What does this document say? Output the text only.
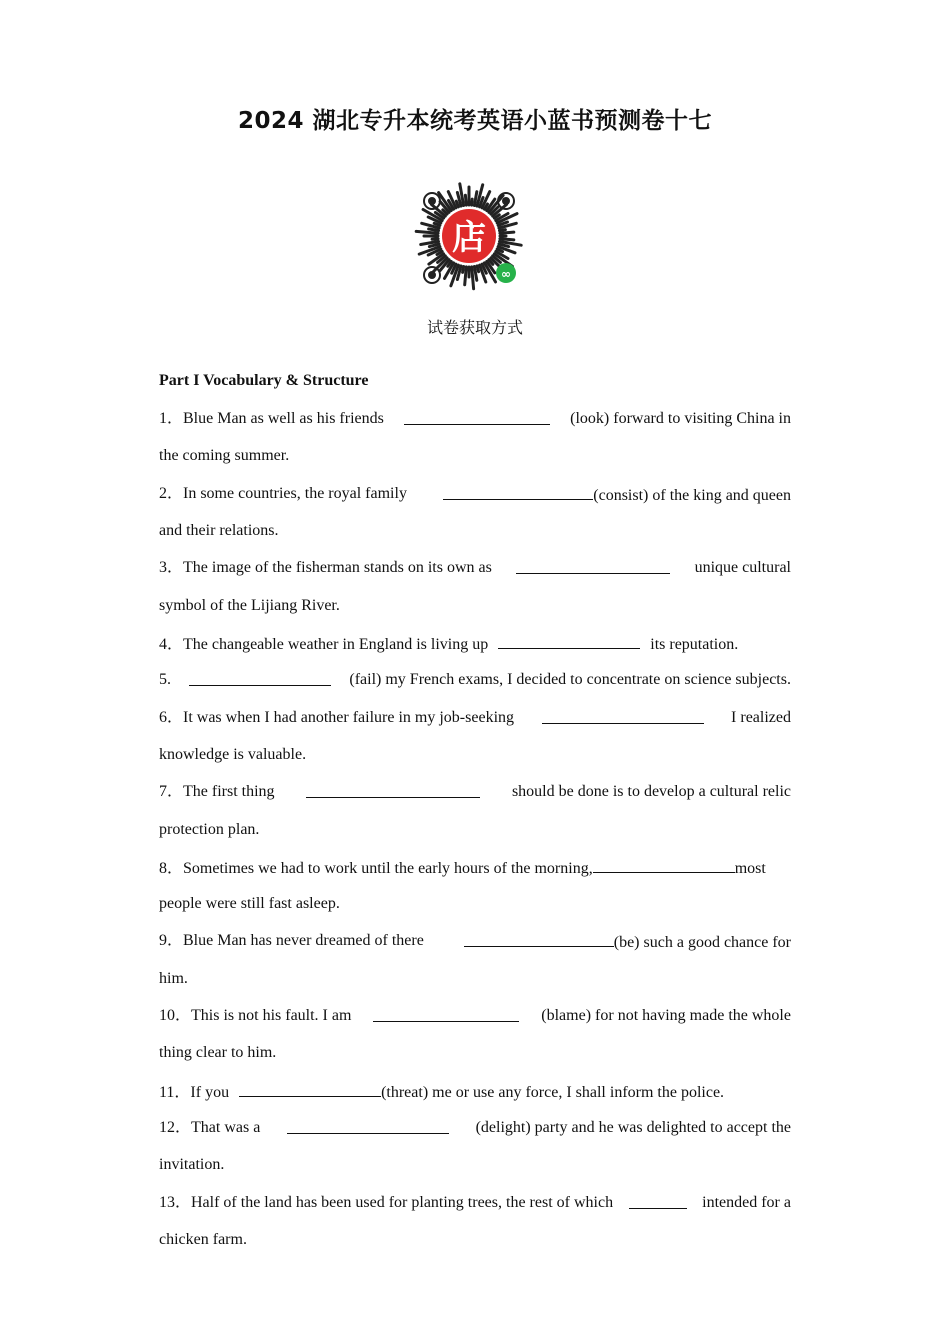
2024 湖北专升本统考英语小蓝书预测卷十七
店
∞
试卷获取方式
Part I Vocabulary & Structure
1．Blue Man as well as his friends	(look) forward to visiting China in
the coming summer.
2．In some countries, the royal family	(consist) of the king and queen
and their relations.
3．The image of the fisherman stands on its own as	unique cultural
symbol of the Lijiang River.
4．The changeable weather in England is living up	its reputation.
5.	(fail) my French exams, I decided to concentrate on science subjects.
6．It was when I had another failure in my job-seeking	I realized
knowledge is valuable.
7．The first thing	should be done is to develop a cultural relic
protection plan.
8．Sometimes we had to work until the early hours of the morning,	most
people were still fast asleep.
9．Blue Man has never dreamed of there	(be) such a good chance for
him.
10．This is not his fault. I am	(blame) for not having made the whole
thing clear to him.
11．If you	(threat) me or use any force, I shall inform the police.
12．That was a	(delight) party and he was delighted to accept the
invitation.
13．Half of the land has been used for planting trees, the rest of which	intended for a
chicken farm.
